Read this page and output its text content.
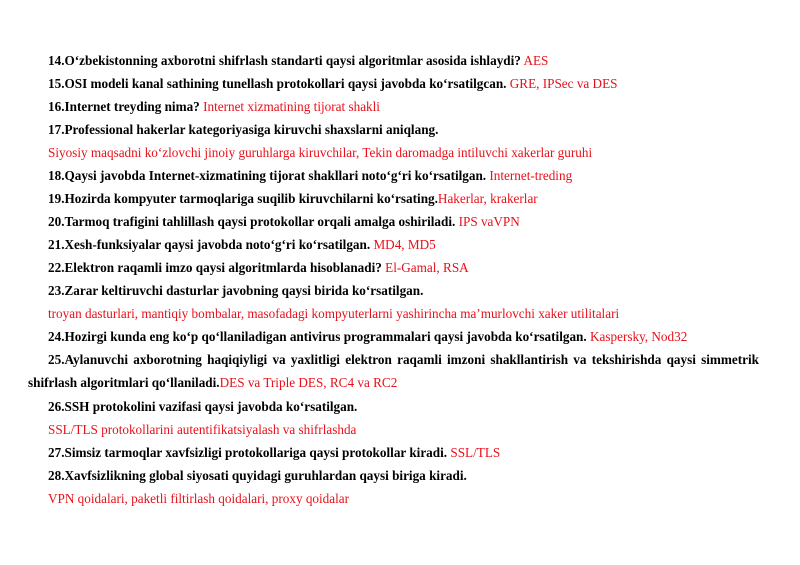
14.O‘zbekistonning axborotni shifrlash standarti qaysi algoritmlar asosida ishlaydi? AES
15.OSI modeli kanal sathining tunellash protokollari qaysi javobda ko‘rsatilgcan. GRE, IPSec va DES
16.Internet treyding nima? Internet xizmatining tijorat shakli
17.Professional hakerlar kategoriyasiga kiruvchi shaxslarni aniqlang.
Siyosiy maqsadni ko‘zlovchi jinoiy guruhlarga kiruvchilar, Tekin daromadga intiluvchi xakerlar guruhi
18.Qaysi javobda Internet-xizmatining tijorat shakllari noto‘g‘ri ko‘rsatilgan. Internet-treding
19.Hozirda kompyuter tarmoqlariga suqilib kiruvchilarni ko‘rsating.Hakerlar, krakerlar
20.Tarmoq trafigini tahlillash qaysi protokollar orqali amalga oshiriladi. IPS vaVPN
21.Xesh-funksiyalar qaysi javobda noto‘g‘ri ko‘rsatilgan. MD4, MD5
22.Elektron raqamli imzo qaysi algoritmlarda hisoblanadi? El-Gamal, RSA
23.Zarar keltiruvchi dasturlar javobning qaysi birida ko‘rsatilgan.
troyan dasturlari, mantiqiy bombalar, masofadagi kompyuterlarni yashirincha ma’murlovchi xaker utilitalari
24.Hozirgi kunda eng ko‘p qo‘llaniladigan antivirus programmalari qaysi javobda ko‘rsatilgan. Kaspersky, Nod32
25.Aylanuvchi axborotning haqiqiyligi va yaxlitligi elektron raqamli imzoni shakllantirish va tekshirishda qaysi simmetrik shifrlash algoritmlari qo‘llaniladi.DES va Triple DES, RC4 va RC2
26.SSH protokolini vazifasi qaysi javobda ko‘rsatilgan.
SSL/TLS protokollarini autentifikatsiyalash va shifrlashda
27.Simsiz tarmoqlar xavfsizligi protokollariga qaysi protokollar kiradi. SSL/TLS
28.Xavfsizlikning global siyosati quyidagi guruhlardan qaysi biriga kiradi.
VPN qoidalari, paketli filtirlash qoidalari, proxy qoidalar
